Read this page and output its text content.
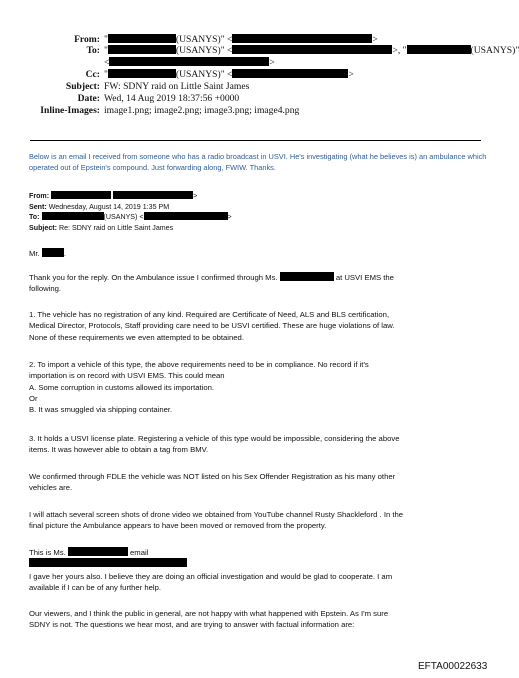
From: "	(USANYS)" <	>
To: "	(USANYS)" <	>, "	(USANYS)"
<	>
Cc: "	(USANYS)" <	>
Subject: FW: SDNY raid on Little Saint James
Date: Wed, 14 Aug 2019 18:37:56 +0000
Inline-Images: image1.png; image2.png; image3.png; image4.png
Below is an email I received from someone who has a radio broadcast in USVI. He's investigating (what he believes is) an ambulance which operated out of Epstein's compound. Just forwarding along, FWIW. Thanks.
From:	>
Sent: Wednesday, August 14, 2019 1:35 PM
To:	(USANYS) <	>
Subject: Re: SDNY raid on Little Saint James
Mr.	.
Thank you for the reply. On the Ambulance issue I confirmed through Ms.	at USVI EMS the
following.
1. The vehicle has no registration of any kind. Required are Certificate of Need, ALS and BLS certification,
Medical Director, Protocols, Staff providing care need to be USVI certified. These are huge violations of law.
None of these requirements we even attempted to be obtained.
2. To import a vehicle of this type, the above requirements need to be in compliance. No record if it's
importation is on record with USVI EMS. This could mean
A. Some corruption in customs allowed its importation.
Or
B. It was smuggled via shipping container.
3. It holds a USVI license plate. Registering a vehicle of this type would be impossible, considering the above
items. It was however able to obtain a tag from BMV.
We confirmed through FDLE the vehicle was NOT listed on his Sex Offender Registration as his many other
vehicles are.
I will attach several screen shots of drone video we obtained from YouTube channel Rusty Shackleford . In the
final picture the Ambulance appears to have been moved or removed from the property.
This is Ms.	email
I gave her yours also. I believe they are doing an official investigation and would be glad to cooperate. I am
available if I can be of any further help.
Our viewers, and I think the public in general, are not happy with what happened with Epstein. As I'm sure
SDNY is not. The questions we hear most, and are trying to answer with factual information are:
EFTA00022633
